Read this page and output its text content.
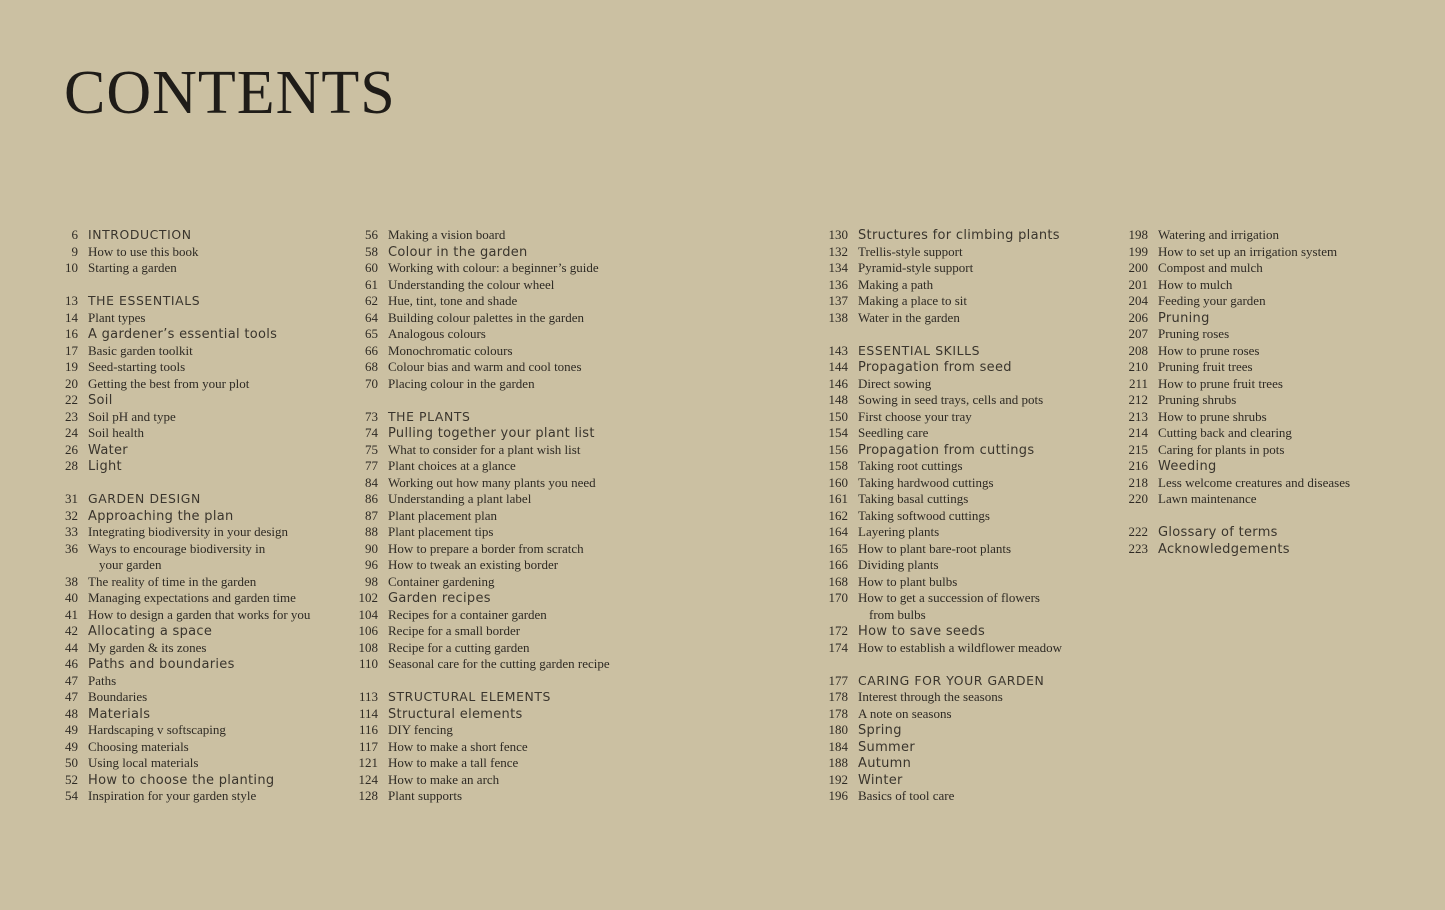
CONTENTS
6 INTRODUCTION
9 How to use this book
10 Starting a garden
13 THE ESSENTIALS
14 Plant types
16 A gardener’s essential tools
17 Basic garden toolkit
19 Seed-starting tools
20 Getting the best from your plot
22 Soil
23 Soil pH and type
24 Soil health
26 Water
28 Light
31 GARDEN DESIGN
32 Approaching the plan
33 Integrating biodiversity in your design
36 Ways to encourage biodiversity in
your garden
38 The reality of time in the garden
40 Managing expectations and garden time
41 How to design a garden that works for you
42 Allocating a space
44 My garden & its zones
46 Paths and boundaries
47 Paths
47 Boundaries
48 Materials
49 Hardscaping v softscaping
49 Choosing materials
50 Using local materials
52 How to choose the planting
54 Inspiration for your garden style
56 Making a vision board
58 Colour in the garden
60 Working with colour: a beginner’s guide
61 Understanding the colour wheel
62 Hue, tint, tone and shade
64 Building colour palettes in the garden
65 Analogous colours
66 Monochromatic colours
68 Colour bias and warm and cool tones
70 Placing colour in the garden
73 THE PLANTS
74 Pulling together your plant list
75 What to consider for a plant wish list
77 Plant choices at a glance
84 Working out how many plants you need
86 Understanding a plant label
87 Plant placement plan
88 Plant placement tips
90 How to prepare a border from scratch
96 How to tweak an existing border
98 Container gardening
102 Garden recipes
104 Recipes for a container garden
106 Recipe for a small border
108 Recipe for a cutting garden
110 Seasonal care for the cutting garden recipe
113 STRUCTURAL ELEMENTS
114 Structural elements
116 DIY fencing
117 How to make a short fence
121 How to make a tall fence
124 How to make an arch
128 Plant supports
130 Structures for climbing plants
132 Trellis-style support
134 Pyramid-style support
136 Making a path
137 Making a place to sit
138 Water in the garden
143 ESSENTIAL SKILLS
144 Propagation from seed
146 Direct sowing
148 Sowing in seed trays, cells and pots
150 First choose your tray
154 Seedling care
156 Propagation from cuttings
158 Taking root cuttings
160 Taking hardwood cuttings
161 Taking basal cuttings
162 Taking softwood cuttings
164 Layering plants
165 How to plant bare-root plants
166 Dividing plants
168 How to plant bulbs
170 How to get a succession of flowers
from bulbs
172 How to save seeds
174 How to establish a wildflower meadow
177 CARING FOR YOUR GARDEN
178 Interest through the seasons
178 A note on seasons
180 Spring
184 Summer
188 Autumn
192 Winter
196 Basics of tool care
198 Watering and irrigation
199 How to set up an irrigation system
200 Compost and mulch
201 How to mulch
204 Feeding your garden
206 Pruning
207 Pruning roses
208 How to prune roses
210 Pruning fruit trees
211 How to prune fruit trees
212 Pruning shrubs
213 How to prune shrubs
214 Cutting back and clearing
215 Caring for plants in pots
216 Weeding
218 Less welcome creatures and diseases
220 Lawn maintenance
222 Glossary of terms
223 Acknowledgements
